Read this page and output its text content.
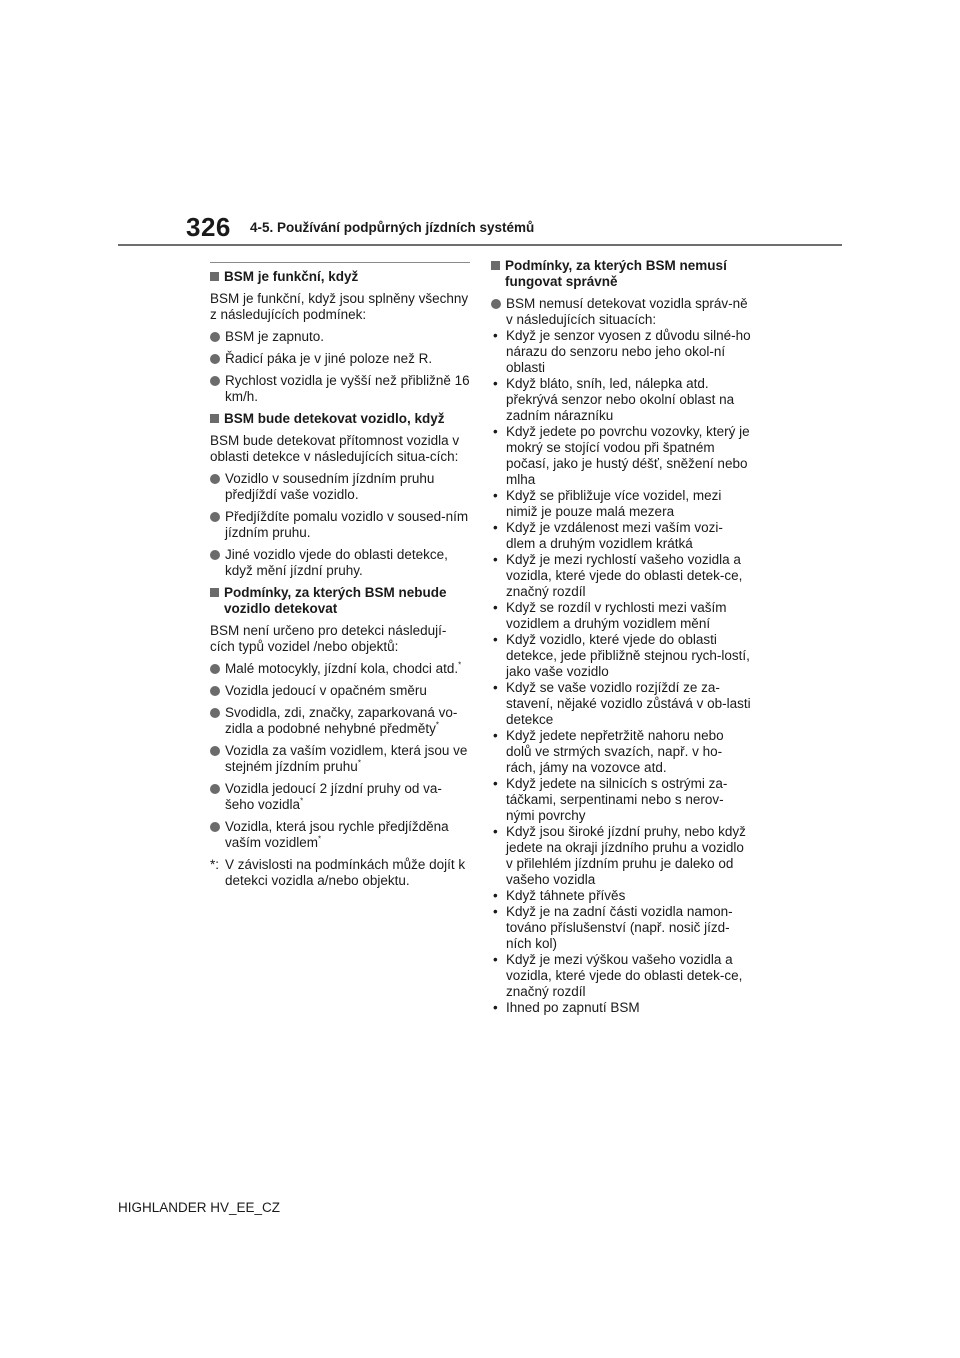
326 4-5. Používání podpůrných jízdních systémů
BSM je funkční, když
BSM je funkční, když jsou splněny všechny z následujících podmínek:
BSM je zapnuto.
Řadicí páka je v jiné poloze než R.
Rychlost vozidla je vyšší než přibližně 16 km/h.
BSM bude detekovat vozidlo, když
BSM bude detekovat přítomnost vozidla v oblasti detekce v následujících situa-cích:
Vozidlo v sousedním jízdním pruhu předjíždí vaše vozidlo.
Předjíždíte pomalu vozidlo v soused-ním jízdním pruhu.
Jiné vozidlo vjede do oblasti detekce, když mění jízdní pruhy.
Podmínky, za kterých BSM nebude vozidlo detekovat
BSM není určeno pro detekci následují-cích typů vozidel /nebo objektů:
Malé motocykly, jízdní kola, chodci atd.*
Vozidla jedoucí v opačném směru
Svodidla, zdi, značky, zaparkovaná vo-zidla a podobné nehybné předměty*
Vozidla za vaším vozidlem, která jsou ve stejném jízdním pruhu*
Vozidla jedoucí 2 jízdní pruhy od va-šeho vozidla*
Vozidla, která jsou rychle předjížděna vaším vozidlem*
*: V závislosti na podmínkách může dojít k detekci vozidla a/nebo objektu.
Podmínky, za kterých BSM nemusí fungovat správně
BSM nemusí detekovat vozidla správ-ně v následujících situacích:
• Když je senzor vyosen z důvodu silné-ho nárazu do senzoru nebo jeho okol-ní oblasti
• Když bláto, sníh, led, nálepka atd. překrývá senzor nebo okolní oblast na zadním nárazníku
• Když jedete po povrchu vozovky, který je mokrý se stojící vodou při špatném počasí, jako je hustý déšť, sněžení nebo mlha
• Když se přibližuje více vozidel, mezi nimiž je pouze malá mezera
• Když je vzdálenost mezi vaším vozi-dlem a druhým vozidlem krátká
• Když je mezi rychlostí vašeho vozidla a vozidla, které vjede do oblasti detek-ce, značný rozdíl
• Když se rozdíl v rychlosti mezi vaším vozidlem a druhým vozidlem mění
• Když vozidlo, které vjede do oblasti detekce, jede přibližně stejnou rych-lostí, jako vaše vozidlo
• Když se vaše vozidlo rozjíždí ze za-stavení, nějaké vozidlo zůstává v ob-lasti detekce
• Když jedete nepřetržitě nahoru nebo dolů ve strmých svazích, např. v ho-rách, jámy na vozovce atd.
• Když jedete na silnicích s ostrými za-táčkami, serpentinami nebo s nerov-nými povrchy
• Když jsou široké jízdní pruhy, nebo když jedete na okraji jízdního pruhu a vozidlo v přilehlém jízdním pruhu je daleko od vašeho vozidla
• Když táhnete přívěs
• Když je na zadní části vozidla namon-továno příslušenství (např. nosič jízd-ních kol)
• Když je mezi výškou vašeho vozidla a vozidla, které vjede do oblasti detek-ce, značný rozdíl
• Ihned po zapnutí BSM
HIGHLANDER HV_EE_CZ
